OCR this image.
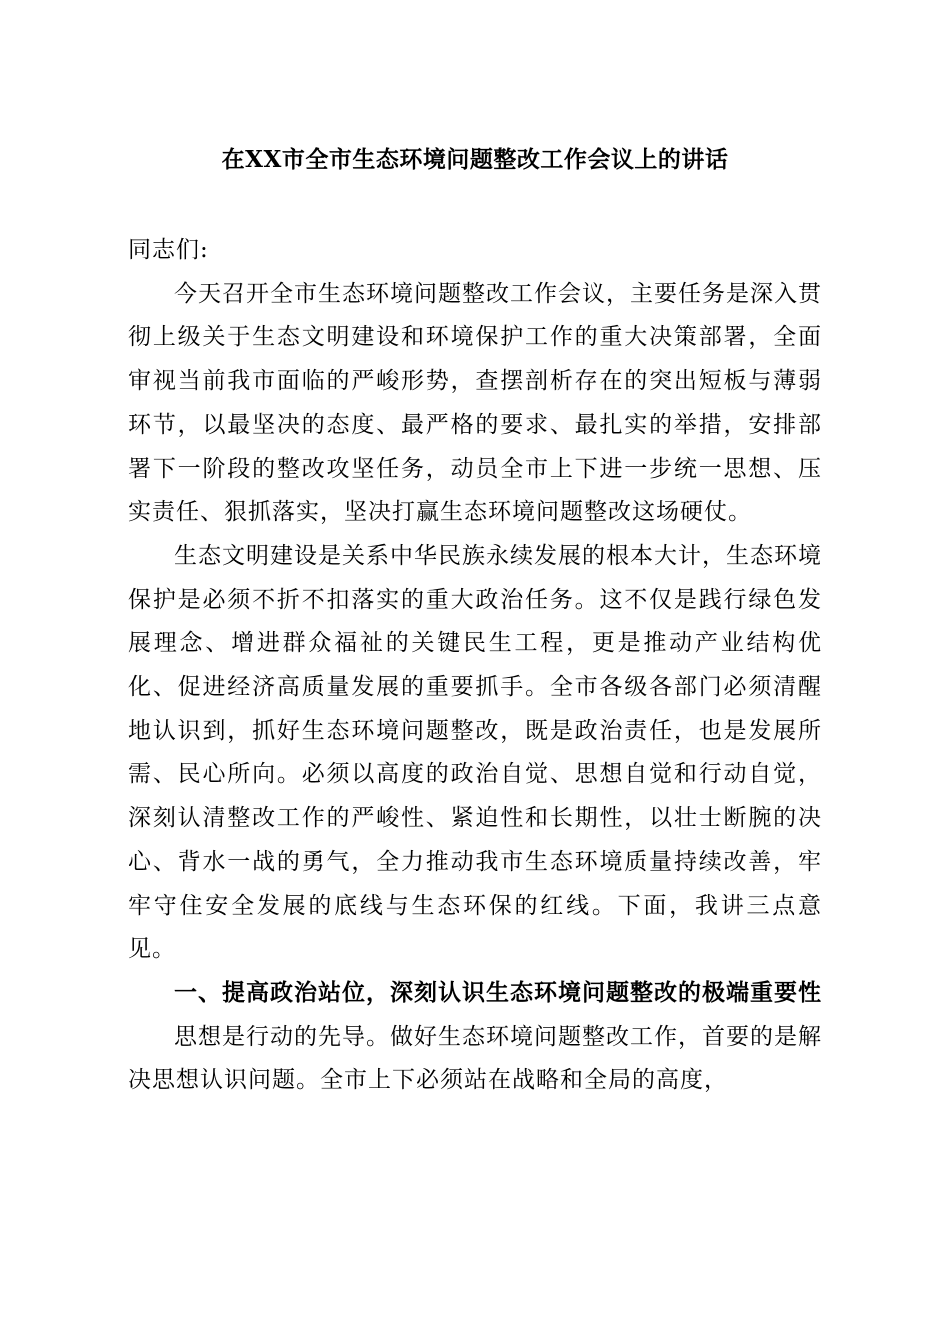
在XX市全市生态环境问题整改工作会议上的讲话

同志们:

今天召开全市生态环境问题整改工作会议，主要任务是深入贯彻上级关于生态文明建设和环境保护工作的重大决策部署，全面审视当前我市面临的严峻形势，查摆剖析存在的突出短板与薄弱环节，以最坚决的态度、最严格的要求、最扎实的举措，安排部署下一阶段的整改攻坚任务，动员全市上下进一步统一思想、压实责任、狠抓落实，坚决打赢生态环境问题整改这场硬仗。

生态文明建设是关系中华民族永续发展的根本大计，生态环境保护是必须不折不扣落实的重大政治任务。这不仅是践行绿色发展理念、增进群众福祉的关键民生工程，更是推动产业结构优化、促进经济高质量发展的重要抓手。全市各级各部门必须清醒地认识到，抓好生态环境问题整改，既是政治责任，也是发展所需、民心所向。必须以高度的政治自觉、思想自觉和行动自觉，深刻认清整改工作的严峻性、紧迫性和长期性，以壮士断腕的决心、背水一战的勇气，全力推动我市生态环境质量持续改善，牢牢守住安全发展的底线与生态环保的红线。下面，我讲三点意见。

一、提高政治站位，深刻认识生态环境问题整改的极端重要性

思想是行动的先导。做好生态环境问题整改工作，首要的是解决思想认识问题。全市上下必须站在战略和全局的高度，
